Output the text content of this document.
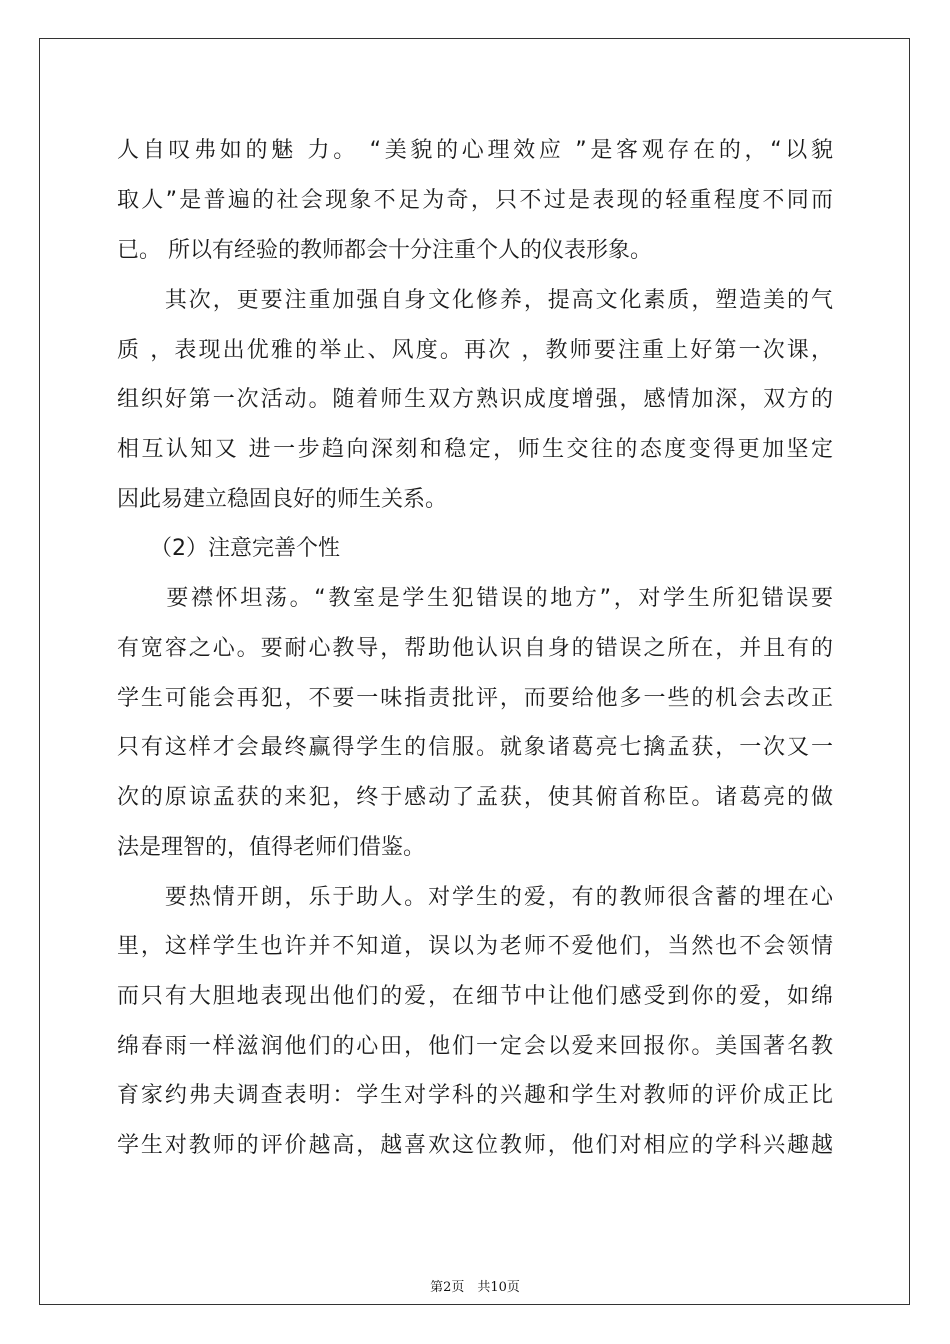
人自叹弗如的魅 力。 “美貌的心理效应 ”是客观存在的，“以貌
取人”是普遍的社会现象不足为奇，只不过是表现的轻重程度不同而
已。 所以有经验的教师都会十分注重个人的仪表形象。
　　其次，更要注重加强自身文化修养，提高文化素质，塑造美的气
质 ，表现出优雅的举止、风度。再次 ，教师要注重上好第一次课，
组织好第一次活动。随着师生双方熟识成度增强，感情加深，双方的
相互认知又 进一步趋向深刻和稳定，师生交往的态度变得更加坚定
因此易建立稳固良好的师生关系。
　　（2）注意完善个性
　　要襟怀坦荡。“教室是学生犯错误的地方”，对学生所犯错误要
有宽容之心。要耐心教导，帮助他认识自身的错误之所在，并且有的
学生可能会再犯，不要一味指责批评，而要给他多一些的机会去改正
只有这样才会最终赢得学生的信服。就象诸葛亮七擒孟获，一次又一
次的原谅孟获的来犯，终于感动了孟获，使其俯首称臣。诸葛亮的做
法是理智的，值得老师们借鉴。
　　要热情开朗，乐于助人。对学生的爱，有的教师很含蓄的埋在心
里，这样学生也许并不知道，误以为老师不爱他们，当然也不会领情
而只有大胆地表现出他们的爱，在细节中让他们感受到你的爱，如绵
绵春雨一样滋润他们的心田，他们一定会以爱来回报你。美国著名教
育家约弗夫调查表明：学生对学科的兴趣和学生对教师的评价成正比
学生对教师的评价越高，越喜欢这位教师，他们对相应的学科兴趣越
第2页　共10页
